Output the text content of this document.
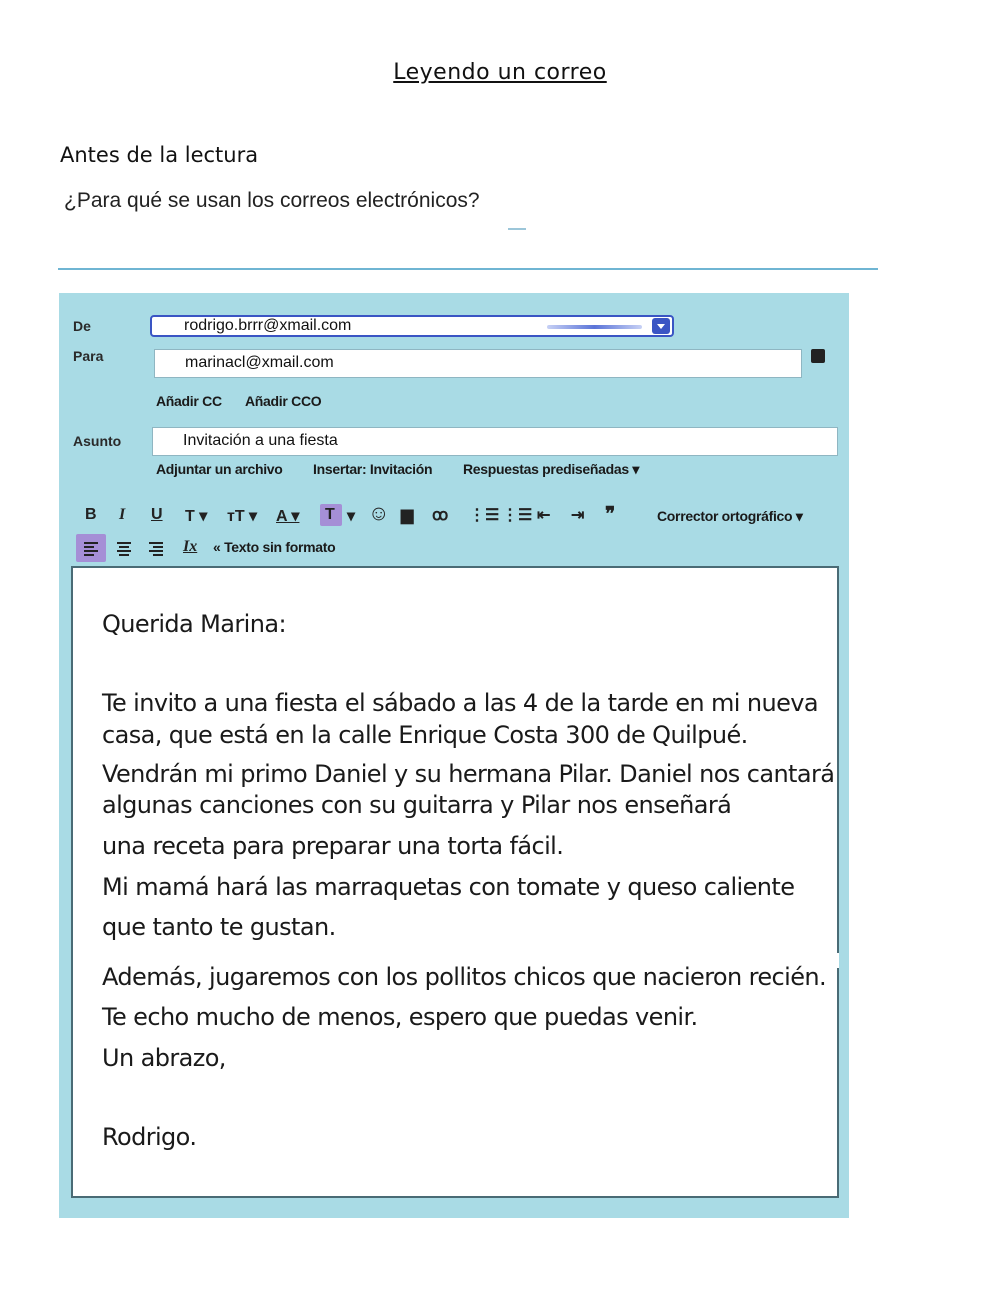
Leyendo un correo
Antes de la lectura
¿Para qué se usan los correos electrónicos?
De	rodrigo.brrr@xmail.com
Para	marinacl@xmail.com
Añadir CC Añadir CCO
Asunto	Invitación a una fiesta
Adjuntar un archivo Insertar: Invitación Respuestas prediseñadas ▾
B I U T ▾ ᴛT ▾ A ▾ T ▾ ☺ ▆ ꝏ ⋮☰ ⋮☰ ⇤ ⇥ ❞	Corrector ortográfico ▾
Ix « Texto sin formato

Querida Marina:

Te invito a una fiesta el sábado a las 4 de la tarde en mi nueva

casa, que está en la calle Enrique Costa 300 de Quilpué.

Vendrán mi primo Daniel y su hermana Pilar. Daniel nos cantará

algunas canciones con su guitarra y Pilar nos enseñará

una receta para preparar una torta fácil.

Mi mamá hará las marraquetas con tomate y queso caliente

que tanto te gustan.

Además, jugaremos con los pollitos chicos que nacieron recién.

Te echo mucho de menos, espero que puedas venir.

Un abrazo,

Rodrigo.
